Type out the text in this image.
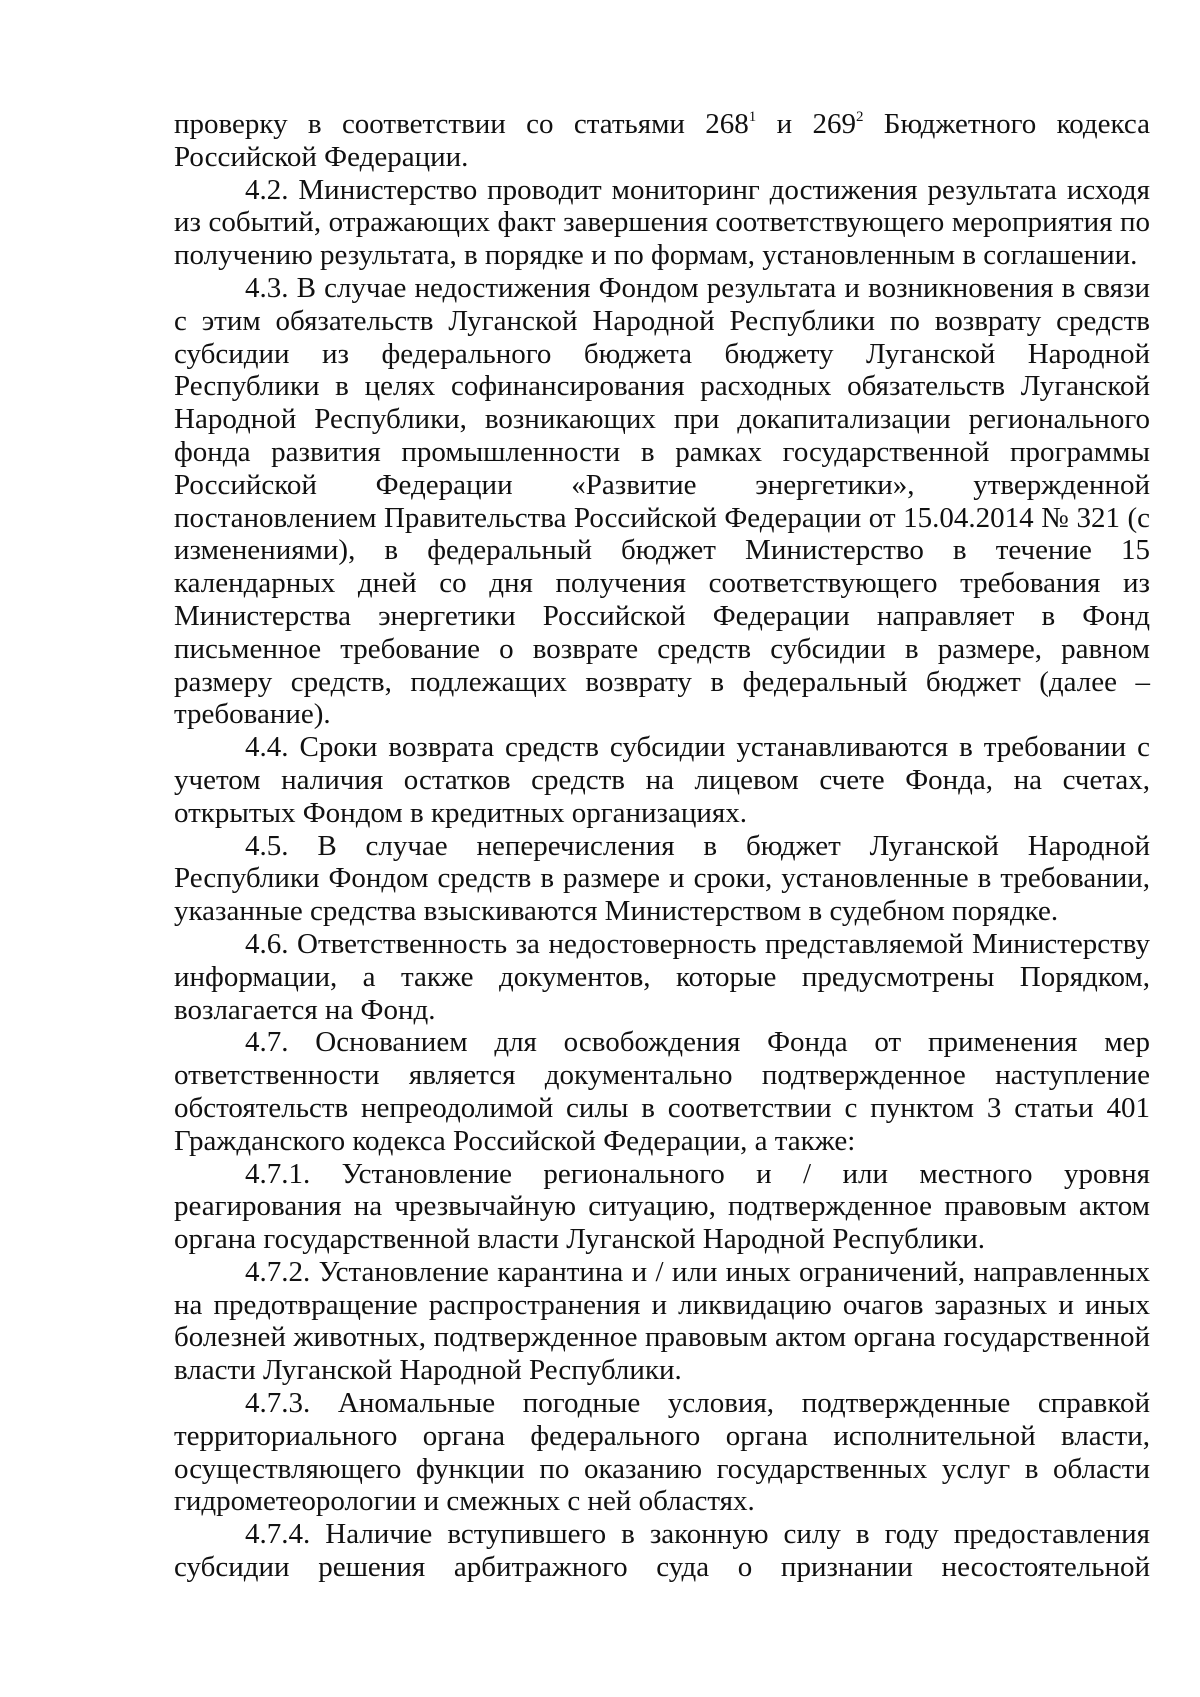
проверку в соответствии со статьями $268^1$ и $269^2$ Бюджетного кодекса Российской Федерации.

4.2. Министерство проводит мониторинг достижения результата исходя из событий, отражающих факт завершения соответствующего мероприятия по получению результата, в порядке и по формам, установленным в соглашении.

4.3. В случае недостижения Фондом результата и возникновения в связи с этим обязательств Луганской Народной Республики по возврату средств субсидии из федерального бюджета бюджету Луганской Народной Республики в целях софинансирования расходных обязательств Луганской Народной Республики, возникающих при докапитализации регионального фонда развития промышленности в рамках государственной программы Российской Федерации «Развитие энергетики», утвержденной постановлением Правительства Российской Федерации от 15.04.2014 № 321 (с изменениями), в федеральный бюджет Министерство в течение 15 календарных дней со дня получения соответствующего требования из Министерства энергетики Российской Федерации направляет в Фонд письменное требование о возврате средств субсидии в размере, равном размеру средств, подлежащих возврату в федеральный бюджет (далее – требование).

4.4. Сроки возврата средств субсидии устанавливаются в требовании с учетом наличия остатков средств на лицевом счете Фонда, на счетах, открытых Фондом в кредитных организациях.

4.5. В случае неперечисления в бюджет Луганской Народной Республики Фондом средств в размере и сроки, установленные в требовании, указанные средства взыскиваются Министерством в судебном порядке.

4.6. Ответственность за недостоверность представляемой Министерству информации, а также документов, которые предусмотрены Порядком, возлагается на Фонд.

4.7. Основанием для освобождения Фонда от применения мер ответственности является документально подтвержденное наступление обстоятельств непреодолимой силы в соответствии с пунктом 3 статьи 401 Гражданского кодекса Российской Федерации, а также:

4.7.1. Установление регионального и / или местного уровня реагирования на чрезвычайную ситуацию, подтвержденное правовым актом органа государственной власти Луганской Народной Республики.

4.7.2. Установление карантина и / или иных ограничений, направленных на предотвращение распространения и ликвидацию очагов заразных и иных болезней животных, подтвержденное правовым актом органа государственной власти Луганской Народной Республики.

4.7.3. Аномальные погодные условия, подтвержденные справкой территориального органа федерального органа исполнительной власти, осуществляющего функции по оказанию государственных услуг в области гидрометеорологии и смежных с ней областях.

4.7.4. Наличие вступившего в законную силу в году предоставления субсидии решения арбитражного суда о признании несостоятельной
